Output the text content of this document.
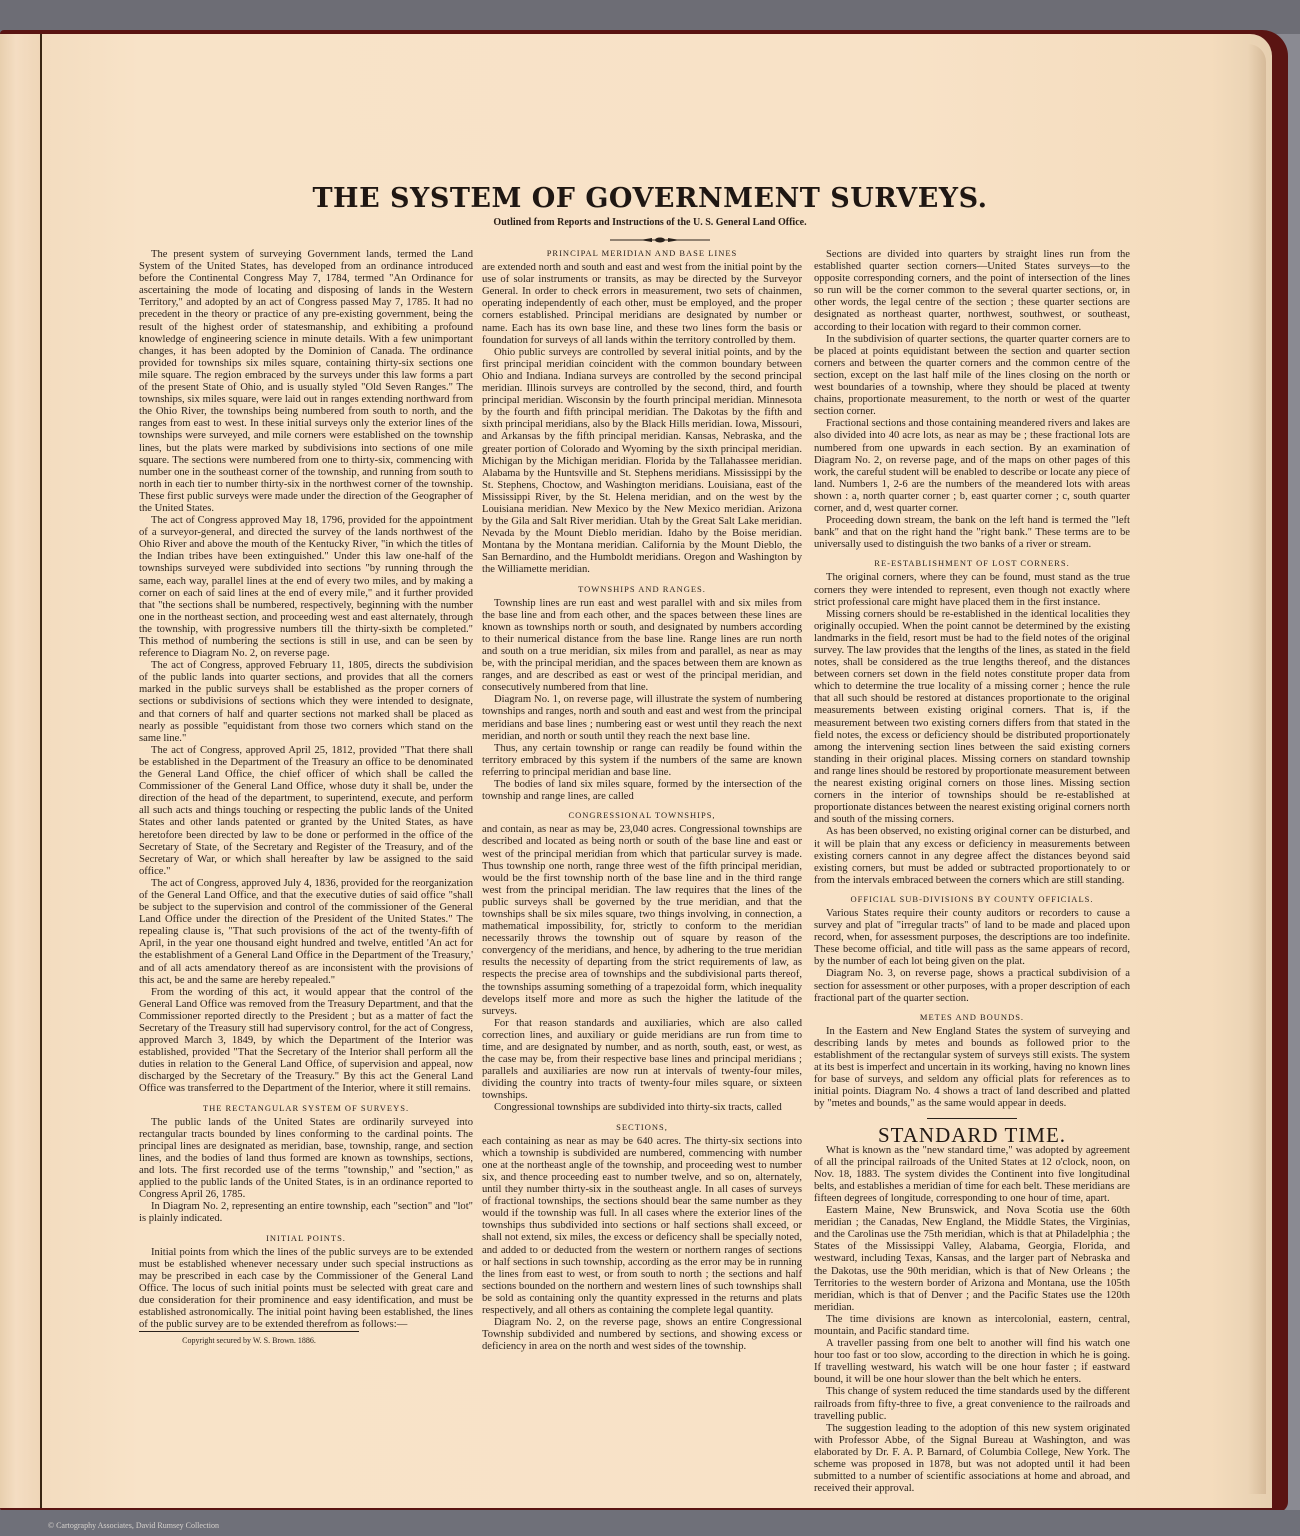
THE SYSTEM OF GOVERNMENT SURVEYS.
Outlined from Reports and Instructions of the U. S. General Land Office.

The present system of surveying Government lands, termed the Land System of the United States, has developed from an ordinance introduced before the Continental Congress May 7, 1784, termed "An Ordinance for ascertaining the mode of locating and disposing of lands in the Western Territory," and adopted by an act of Congress passed May 7, 1785. It had no precedent in the theory or practice of any pre-existing government, being the result of the highest order of statesmanship, and exhibiting a profound knowledge of engineering science in minute details. With a few unimportant changes, it has been adopted by the Dominion of Canada. The ordinance provided for townships six miles square, containing thirty-six sections one mile square. The region embraced by the surveys under this law forms a part of the present State of Ohio, and is usually styled "Old Seven Ranges." The townships, six miles square, were laid out in ranges extending northward from the Ohio River, the townships being numbered from south to north, and the ranges from east to west. In these initial surveys only the exterior lines of the townships were surveyed, and mile corners were established on the township lines, but the plats were marked by subdivisions into sections of one mile square. The sections were numbered from one to thirty-six, commencing with number one in the southeast corner of the township, and running from south to north in each tier to number thirty-six in the northwest corner of the township. These first public surveys were made under the direction of the Geographer of the United States.

The act of Congress approved May 18, 1796, provided for the appointment of a surveyor-general, and directed the survey of the lands northwest of the Ohio River and above the mouth of the Kentucky River, "in which the titles of the Indian tribes have been extinguished." Under this law one-half of the townships surveyed were subdivided into sections "by running through the same, each way, parallel lines at the end of every two miles, and by making a corner on each of said lines at the end of every mile," and it further provided that "the sections shall be numbered, respectively, beginning with the number one in the northeast section, and proceeding west and east alternately, through the township, with progressive numbers till the thirty-sixth be completed." This method of numbering the sections is still in use, and can be seen by reference to Diagram No. 2, on reverse page.

The act of Congress, approved February 11, 1805, directs the subdivision of the public lands into quarter sections, and provides that all the corners marked in the public surveys shall be established as the proper corners of sections or subdivisions of sections which they were intended to designate, and that corners of half and quarter sections not marked shall be placed as nearly as possible "equidistant from those two corners which stand on the same line."

The act of Congress, approved April 25, 1812, provided "That there shall be established in the Department of the Treasury an office to be denominated the General Land Office, the chief officer of which shall be called the Commissioner of the General Land Office, whose duty it shall be, under the direction of the head of the department, to superintend, execute, and perform all such acts and things touching or respecting the public lands of the United States and other lands patented or granted by the United States, as have heretofore been directed by law to be done or performed in the office of the Secretary of State, of the Secretary and Register of the Treasury, and of the Secretary of War, or which shall hereafter by law be assigned to the said office."

The act of Congress, approved July 4, 1836, provided for the reorganization of the General Land Office, and that the executive duties of said office "shall be subject to the supervision and control of the commissioner of the General Land Office under the direction of the President of the United States." The repealing clause is, "That such provisions of the act of the twenty-fifth of April, in the year one thousand eight hundred and twelve, entitled 'An act for the establishment of a General Land Office in the Department of the Treasury,' and of all acts amendatory thereof as are inconsistent with the provisions of this act, be and the same are hereby repealed."

From the wording of this act, it would appear that the control of the General Land Office was removed from the Treasury Department, and that the Commissioner reported directly to the President ; but as a matter of fact the Secretary of the Treasury still had supervisory control, for the act of Congress, approved March 3, 1849, by which the Department of the Interior was established, provided "That the Secretary of the Interior shall perform all the duties in relation to the General Land Office, of supervision and appeal, now discharged by the Secretary of the Treasury." By this act the General Land Office was transferred to the Department of the Interior, where it still remains.

THE RECTANGULAR SYSTEM OF SURVEYS.

The public lands of the United States are ordinarily surveyed into rectangular tracts bounded by lines conforming to the cardinal points. The principal lines are designated as meridian, base, township, range, and section lines, and the bodies of land thus formed are known as townships, sections, and lots. The first recorded use of the terms "township," and "section," as applied to the public lands of the United States, is in an ordinance reported to Congress April 26, 1785.

In Diagram No. 2, representing an entire township, each "section" and "lot" is plainly indicated.

INITIAL POINTS.

Initial points from which the lines of the public surveys are to be extended must be established whenever necessary under such special instructions as may be prescribed in each case by the Commissioner of the General Land Office. The locus of such initial points must be selected with great care and due consideration for their prominence and easy identification, and must be established astronomically. The initial point having been established, the lines of the public survey are to be extended therefrom as follows:—

Copyright secured by W. S. Brown. 1886.

PRINCIPAL MERIDIAN AND BASE LINES

are extended north and south and east and west from the initial point by the use of solar instruments or transits, as may be directed by the Surveyor General. In order to check errors in measurement, two sets of chainmen, operating independently of each other, must be employed, and the proper corners established. Principal meridians are designated by number or name. Each has its own base line, and these two lines form the basis or foundation for surveys of all lands within the territory controlled by them.

Ohio public surveys are controlled by several initial points, and by the first principal meridian coincident with the common boundary between Ohio and Indiana. Indiana surveys are controlled by the second principal meridian. Illinois surveys are controlled by the second, third, and fourth principal meridian. Wisconsin by the fourth principal meridian. Minnesota by the fourth and fifth principal meridian. The Dakotas by the fifth and sixth principal meridians, also by the Black Hills meridian. Iowa, Missouri, and Arkansas by the fifth principal meridian. Kansas, Nebraska, and the greater portion of Colorado and Wyoming by the sixth principal meridian. Michigan by the Michigan meridian. Florida by the Tallahassee meridian. Alabama by the Huntsville and St. Stephens meridians. Mississippi by the St. Stephens, Choctow, and Washington meridians. Louisiana, east of the Mississippi River, by the St. Helena meridian, and on the west by the Louisiana meridian. New Mexico by the New Mexico meridian. Arizona by the Gila and Salt River meridian. Utah by the Great Salt Lake meridian. Nevada by the Mount Dieblo meridian. Idaho by the Boise meridian. Montana by the Montana meridian. California by the Mount Dieblo, the San Bernardino, and the Humboldt meridians. Oregon and Washington by the Williamette meridian.

TOWNSHIPS AND RANGES.

Township lines are run east and west parallel with and six miles from the base line and from each other, and the spaces between these lines are known as townships north or south, and designated by numbers according to their numerical distance from the base line. Range lines are run north and south on a true meridian, six miles from and parallel, as near as may be, with the principal meridian, and the spaces between them are known as ranges, and are described as east or west of the principal meridian, and consecutively numbered from that line.

Diagram No. 1, on reverse page, will illustrate the system of numbering townships and ranges, north and south and east and west from the principal meridians and base lines ; numbering east or west until they reach the next meridian, and north or south until they reach the next base line.

Thus, any certain township or range can readily be found within the territory embraced by this system if the numbers of the same are known referring to principal meridian and base line.

The bodies of land six miles square, formed by the intersection of the township and range lines, are called

CONGRESSIONAL TOWNSHIPS,

and contain, as near as may be, 23,040 acres. Congressional townships are described and located as being north or south of the base line and east or west of the principal meridian from which that particular survey is made. Thus township one north, range three west of the fifth principal meridian, would be the first township north of the base line and in the third range west from the principal meridian. The law requires that the lines of the public surveys shall be governed by the true meridian, and that the townships shall be six miles square, two things involving, in connection, a mathematical impossibility, for, strictly to conform to the meridian necessarily throws the township out of square by reason of the convergency of the meridians, and hence, by adhering to the true meridian results the necessity of departing from the strict requirements of law, as respects the precise area of townships and the subdivisional parts thereof, the townships assuming something of a trapezoidal form, which inequality develops itself more and more as such the higher the latitude of the surveys.

For that reason standards and auxiliaries, which are also called correction lines, and auxiliary or guide meridians are run from time to time, and are designated by number, and as north, south, east, or west, as the case may be, from their respective base lines and principal meridians ; parallels and auxiliaries are now run at intervals of twenty-four miles, dividing the country into tracts of twenty-four miles square, or sixteen townships.

Congressional townships are subdivided into thirty-six tracts, called

SECTIONS,

each containing as near as may be 640 acres. The thirty-six sections into which a township is subdivided are numbered, commencing with number one at the northeast angle of the township, and proceeding west to number six, and thence proceeding east to number twelve, and so on, alternately, until they number thirty-six in the southeast angle. In all cases of surveys of fractional townships, the sections should bear the same number as they would if the township was full. In all cases where the exterior lines of the townships thus subdivided into sections or half sections shall exceed, or shall not extend, six miles, the excess or deficency shall be specially noted, and added to or deducted from the western or northern ranges of sections or half sections in such township, according as the error may be in running the lines from east to west, or from south to north ; the sections and half sections bounded on the northern and western lines of such townships shall be sold as containing only the quantity expressed in the returns and plats respectively, and all others as containing the complete legal quantity.

Diagram No. 2, on the reverse page, shows an entire Congressional Township subdivided and numbered by sections, and showing excess or deficiency in area on the north and west sides of the township.

Sections are divided into quarters by straight lines run from the established quarter section corners—United States surveys—to the opposite corresponding corners, and the point of intersection of the lines so run will be the corner common to the several quarter sections, or, in other words, the legal centre of the section ; these quarter sections are designated as northeast quarter, northwest, southwest, or southeast, according to their location with regard to their common corner.

In the subdivision of quarter sections, the quarter quarter corners are to be placed at points equidistant between the section and quarter section corners and between the quarter corners and the common centre of the section, except on the last half mile of the lines closing on the north or west boundaries of a township, where they should be placed at twenty chains, proportionate measurement, to the north or west of the quarter section corner.

Fractional sections and those containing meandered rivers and lakes are also divided into 40 acre lots, as near as may be ; these fractional lots are numbered from one upwards in each section. By an examination of Diagram No. 2, on reverse page, and of the maps on other pages of this work, the careful student will be enabled to describe or locate any piece of land. Numbers 1, 2-6 are the numbers of the meandered lots with areas shown : a, north quarter corner ; b, east quarter corner ; c, south quarter corner, and d, west quarter corner.

Proceeding down stream, the bank on the left hand is termed the "left bank" and that on the right hand the "right bank." These terms are to be universally used to distinguish the two banks of a river or stream.

RE-ESTABLISHMENT OF LOST CORNERS.

The original corners, where they can be found, must stand as the true corners they were intended to represent, even though not exactly where strict professional care might have placed them in the first instance.

Missing corners should be re-established in the identical localities they originally occupied. When the point cannot be determined by the existing landmarks in the field, resort must be had to the field notes of the original survey. The law provides that the lengths of the lines, as stated in the field notes, shall be considered as the true lengths thereof, and the distances between corners set down in the field notes constitute proper data from which to determine the true locality of a missing corner ; hence the rule that all such should be restored at distances proportionate to the original measurements between existing original corners. That is, if the measurement between two existing corners differs from that stated in the field notes, the excess or deficiency should be distributed proportionately among the intervening section lines between the said existing corners standing in their original places. Missing corners on standard township and range lines should be restored by proportionate measurement between the nearest existing original corners on those lines. Missing section corners in the interior of townships should be re-established at proportionate distances between the nearest existing original corners north and south of the missing corners.

As has been observed, no existing original corner can be disturbed, and it will be plain that any excess or deficiency in measurements between existing corners cannot in any degree affect the distances beyond said existing corners, but must be added or subtracted proportionately to or from the intervals embraced between the corners which are still standing.

OFFICIAL SUB-DIVISIONS BY COUNTY OFFICIALS.

Various States require their county auditors or recorders to cause a survey and plat of "irregular tracts" of land to be made and placed upon record, when, for assessment purposes, the descriptions are too indefinite. These become official, and title will pass as the same appears of record, by the number of each lot being given on the plat.

Diagram No. 3, on reverse page, shows a practical subdivision of a section for assessment or other purposes, with a proper description of each fractional part of the quarter section.

METES AND BOUNDS.

In the Eastern and New England States the system of surveying and describing lands by metes and bounds as followed prior to the establishment of the rectangular system of surveys still exists. The system at its best is imperfect and uncertain in its working, having no known lines for base of surveys, and seldom any official plats for references as to initial points. Diagram No. 4 shows a tract of land described and platted by "metes and bounds," as the same would appear in deeds.

STANDARD TIME.

What is known as the "new standard time," was adopted by agreement of all the principal railroads of the United States at 12 o'clock, noon, on Nov. 18, 1883. The system divides the Continent into five longitudinal belts, and establishes a meridian of time for each belt. These meridians are fifteen degrees of longitude, corresponding to one hour of time, apart.

Eastern Maine, New Brunswick, and Nova Scotia use the 60th meridian ; the Canadas, New England, the Middle States, the Virginias, and the Carolinas use the 75th meridian, which is that at Philadelphia ; the States of the Mississippi Valley, Alabama, Georgia, Florida, and westward, including Texas, Kansas, and the larger part of Nebraska and the Dakotas, use the 90th meridian, which is that of New Orleans ; the Territories to the western border of Arizona and Montana, use the 105th meridian, which is that of Denver ; and the Pacific States use the 120th meridian.

The time divisions are known as intercolonial, eastern, central, mountain, and Pacific standard time.

A traveller passing from one belt to another will find his watch one hour too fast or too slow, according to the direction in which he is going. If travelling westward, his watch will be one hour faster ; if eastward bound, it will be one hour slower than the belt which he enters.

This change of system reduced the time standards used by the different railroads from fifty-three to five, a great convenience to the railroads and travelling public.

The suggestion leading to the adoption of this new system originated with Professor Abbe, of the Signal Bureau at Washington, and was elaborated by Dr. F. A. P. Barnard, of Columbia College, New York. The scheme was proposed in 1878, but was not adopted until it had been submitted to a number of scientific associations at home and abroad, and received their approval.

© Cartography Associates, David Rumsey Collection
